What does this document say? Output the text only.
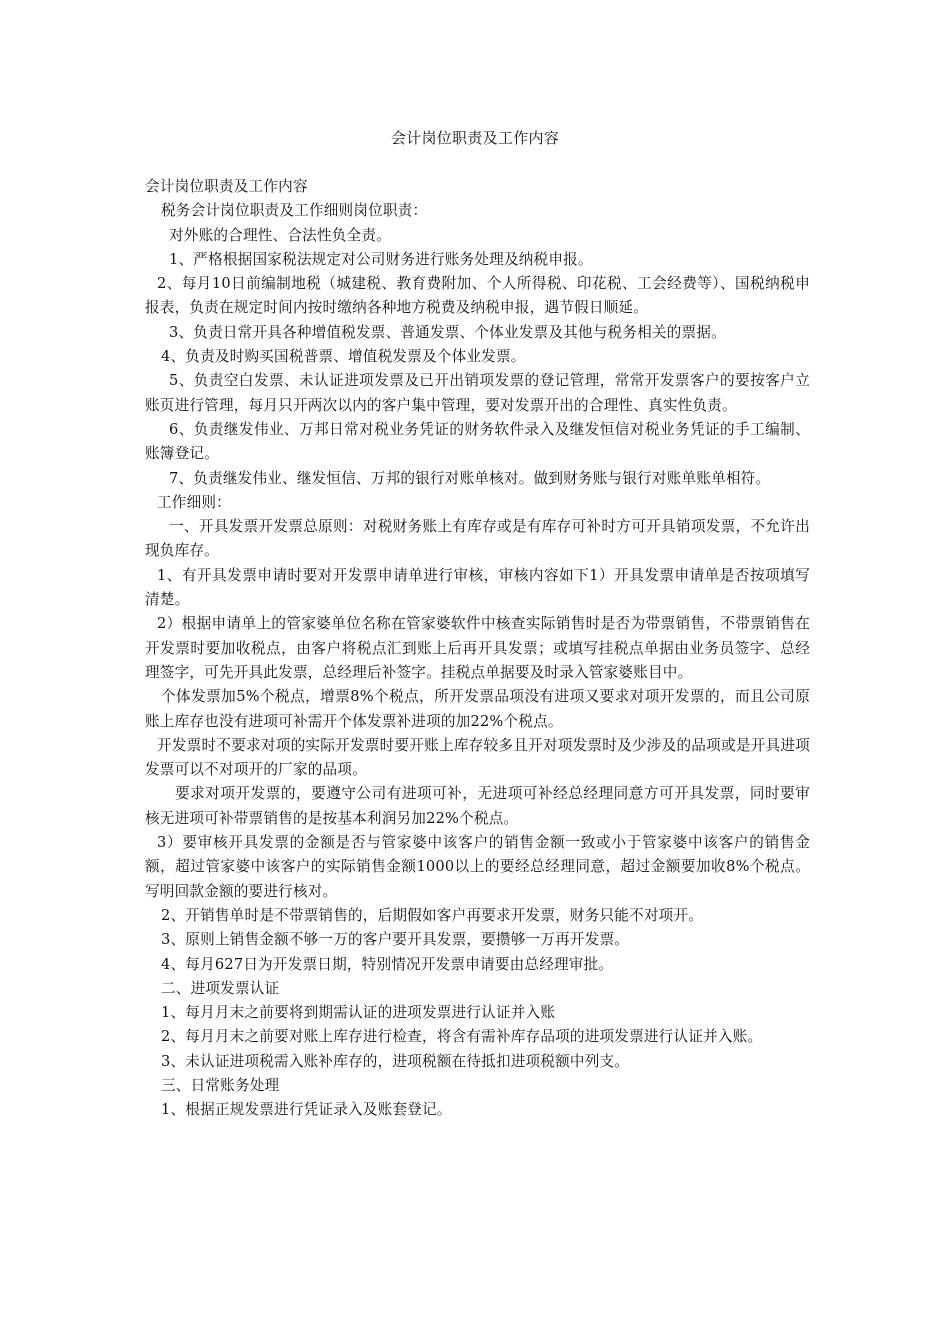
会计岗位职责及工作内容

会计岗位职责及工作内容

税务会计岗位职责及工作细则岗位职责：

对外账的合理性、合法性负全责。

1、严格根据国家税法规定对公司财务进行账务处理及纳税申报。

2、每月10日前编制地税（城建税、教育费附加、个人所得税、印花税、工会经费等）、国税纳税申报表，负责在规定时间内按时缴纳各种地方税费及纳税申报，遇节假日顺延。

3、负责日常开具各种增值税发票、普通发票、个体业发票及其他与税务相关的票据。

4、负责及时购买国税普票、增值税发票及个体业发票。

5、负责空白发票、未认证进项发票及已开出销项发票的登记管理，常常开发票客户的要按客户立账页进行管理，每月只开两次以内的客户集中管理，要对发票开出的合理性、真实性负责。

6、负责继发伟业、万邦日常对税业务凭证的财务软件录入及继发恒信对税业务凭证的手工编制、账簿登记。

7、负责继发伟业、继发恒信、万邦的银行对账单核对。做到财务账与银行对账单账单相符。

工作细则：

一、开具发票开发票总原则：对税财务账上有库存或是有库存可补时方可开具销项发票，不允许出现负库存。

1、有开具发票申请时要对开发票申请单进行审核，审核内容如下1）开具发票申请单是否按项填写清楚。

2）根据申请单上的管家婆单位名称在管家婆软件中核查实际销售时是否为带票销售，不带票销售在开发票时要加收税点，由客户将税点汇到账上后再开具发票；或填写挂税点单据由业务员签字、总经理签字，可先开具此发票，总经理后补签字。挂税点单据要及时录入管家婆账目中。

个体发票加5%个税点，增票8%个税点，所开发票品项没有进项又要求对项开发票的，而且公司原账上库存也没有进项可补需开个体发票补进项的加22%个税点。

开发票时不要求对项的实际开发票时要开账上库存较多且开对项发票时及少涉及的品项或是开具进项发票可以不对项开的厂家的品项。

要求对项开发票的，要遵守公司有进项可补，无进项可补经总经理同意方可开具发票，同时要审核无进项可补带票销售的是按基本利润另加22%个税点。

3）要审核开具发票的金额是否与管家婆中该客户的销售金额一致或小于管家婆中该客户的销售金额，超过管家婆中该客户的实际销售金额1000以上的要经总经理同意，超过金额要加收8%个税点。写明回款金额的要进行核对。

2、开销售单时是不带票销售的，后期假如客户再要求开发票，财务只能不对项开。

3、原则上销售金额不够一万的客户要开具发票，要攒够一万再开发票。

4、每月627日为开发票日期，特别情况开发票申请要由总经理审批。

二、进项发票认证

1、每月月末之前要将到期需认证的进项发票进行认证并入账

2、每月月末之前要对账上库存进行检查，将含有需补库存品项的进项发票进行认证并入账。

3、未认证进项税需入账补库存的，进项税额在待抵扣进项税额中列支。

三、日常账务处理

1、根据正规发票进行凭证录入及账套登记。
